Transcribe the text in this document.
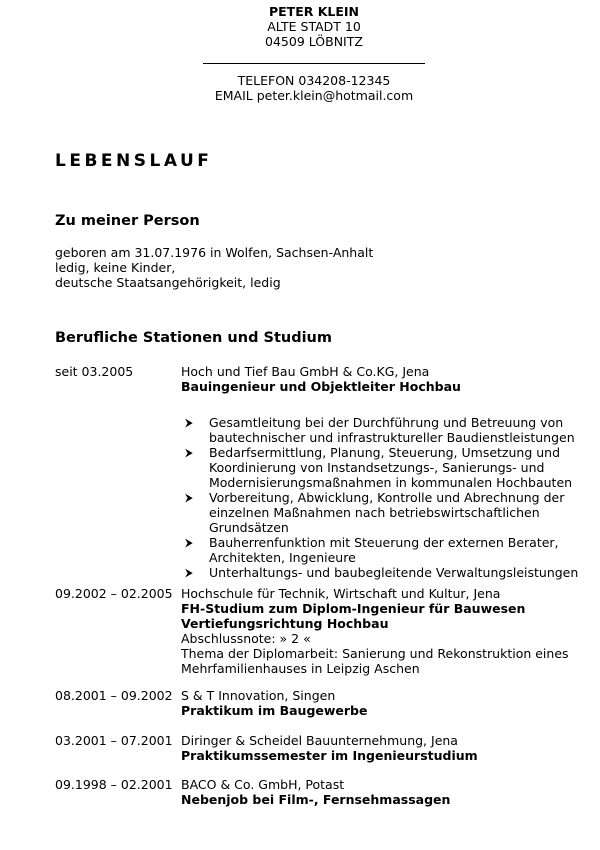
PETER KLEIN
ALTE STADT 10
04509 LÖBNITZ
TELEFON 034208-12345
EMAIL peter.klein@hotmail.com
LEBENSLAUF
Zu meiner Person
geboren am 31.07.1976 in Wolfen, Sachsen-Anhalt
ledig, keine Kinder,
deutsche Staatsangehörigkeit, ledig
Berufliche Stationen und Studium
seit 03.2005	Hoch und Tief Bau GmbH & Co.KG, Jena
Bauingenieur und Objektleiter Hochbau
⮞ Gesamtleitung bei der Durchführung und Betreuung von
bautechnischer und infrastruktureller Baudienstleistungen
⮞ Bedarfsermittlung, Planung, Steuerung, Umsetzung und
Koordinierung von Instandsetzungs-, Sanierungs- und
Modernisierungsmaßnahmen in kommunalen Hochbauten
⮞ Vorbereitung, Abwicklung, Kontrolle und Abrechnung der
einzelnen Maßnahmen nach betriebswirtschaftlichen
Grundsätzen
⮞ Bauherrenfunktion mit Steuerung der externen Berater,
Architekten, Ingenieure
⮞ Unterhaltungs- und baubegleitende Verwaltungsleistungen
09.2002 – 02.2005 Hochschule für Technik, Wirtschaft und Kultur, Jena
FH-Studium zum Diplom-Ingenieur für Bauwesen
Vertiefungsrichtung Hochbau
Abschlussnote: » 2 «
Thema der Diplomarbeit: Sanierung und Rekonstruktion eines
Mehrfamilienhauses in Leipzig Aschen
08.2001 – 09.2002 S & T Innovation, Singen
Praktikum im Baugewerbe
03.2001 – 07.2001 Diringer & Scheidel Bauunternehmung, Jena
Praktikumssemester im Ingenieurstudium
09.1998 – 02.2001 BACO & Co. GmbH, Potast
Nebenjob bei Film-, Fernsehmassagen
